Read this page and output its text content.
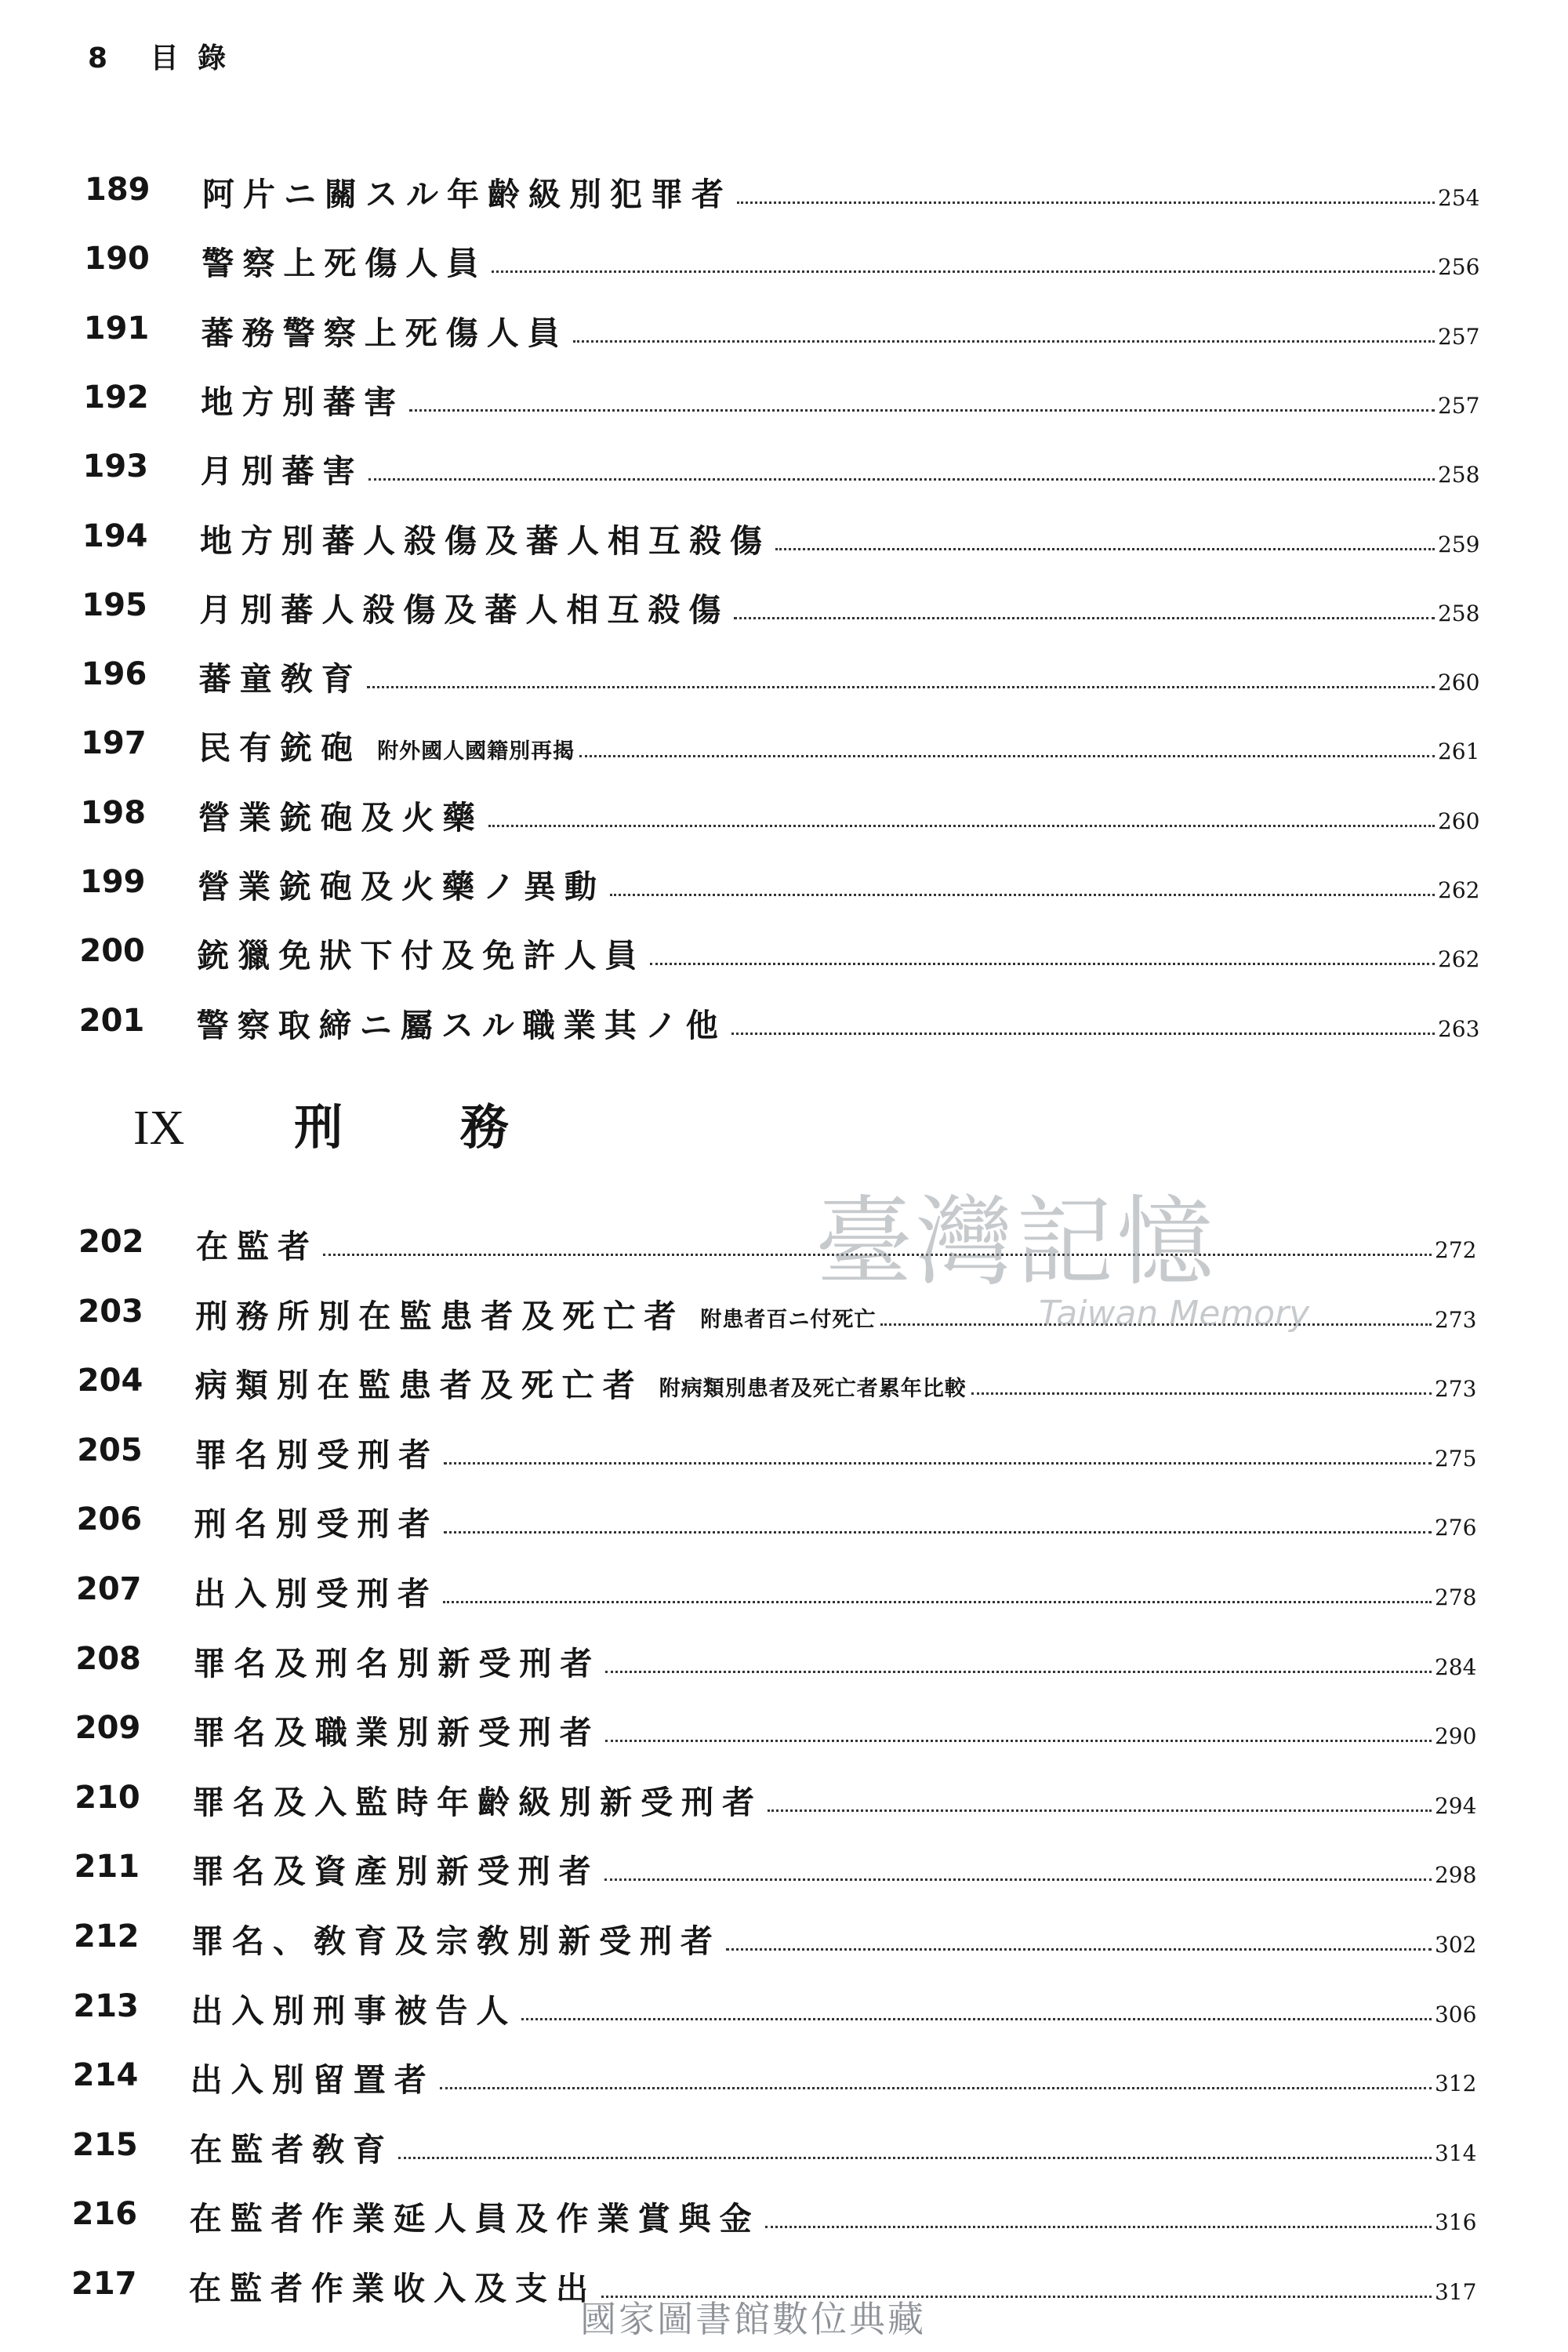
8 目 錄
189	阿片ニ關スル年齡級別犯罪者	254
190	警察上死傷人員	256
191	蕃務警察上死傷人員	257
192	地方別蕃害	257
193	月別蕃害	258
194	地方別蕃人殺傷及蕃人相互殺傷	259
195	月別蕃人殺傷及蕃人相互殺傷	258
196	蕃童敎育	260
197	民有銃砲 附外國人國籍別再揭	261
198	營業銃砲及火藥	260
199	營業銃砲及火藥ノ異動	262
200	銃獵免狀下付及免許人員	262
201	警察取締ニ屬スル職業其ノ他	263
IX 刑 務
202	在監者	272
203	刑務所別在監患者及死亡者 附患者百ニ付死亡	273
204	病類別在監患者及死亡者 附病類別患者及死亡者累年比較	273
205	罪名別受刑者	275
206	刑名別受刑者	276
207	出入別受刑者	278
208	罪名及刑名別新受刑者	284
209	罪名及職業別新受刑者	290
210	罪名及入監時年齡級別新受刑者	294
211	罪名及資產別新受刑者	298
212	罪名、敎育及宗敎別新受刑者	302
213	出入別刑事被告人	306
214	出入別留置者	312
215	在監者敎育	314
216	在監者作業延人員及作業賞與金	316
217	在監者作業收入及支出	317
臺灣記憶
Taiwan Memory
國家圖書館數位典藏
